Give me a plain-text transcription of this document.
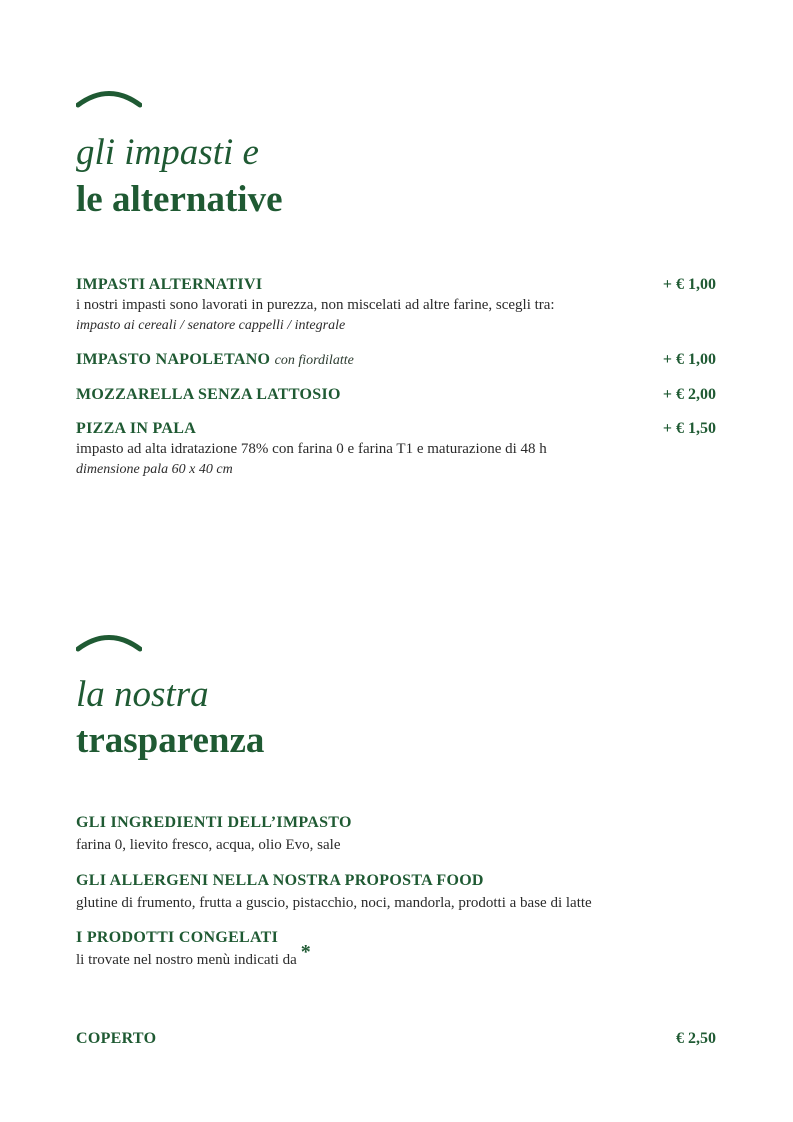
gli impasti e
le alternative
IMPASTI ALTERNATIVI	+ € 1,00
i nostri impasti sono lavorati in purezza, non miscelati ad altre farine, scegli tra:
impasto ai cereali / senatore cappelli / integrale
IMPASTO NAPOLETANO con fiordilatte	+ € 1,00
MOZZARELLA SENZA LATTOSIO	+ € 2,00
PIZZA IN PALA	+ € 1,50
impasto ad alta idratazione 78% con farina 0 e farina T1 e maturazione di 48 h
dimensione pala 60 x 40 cm
la nostra
trasparenza
GLI INGREDIENTI DELL’IMPASTO
farina 0, lievito fresco, acqua, olio Evo, sale
GLI ALLERGENI NELLA NOSTRA PROPOSTA FOOD
glutine di frumento, frutta a guscio, pistacchio, noci, mandorla, prodotti a base di latte
I PRODOTTI CONGELATI
li trovate nel nostro menù indicati da *
COPERTO	€ 2,50
